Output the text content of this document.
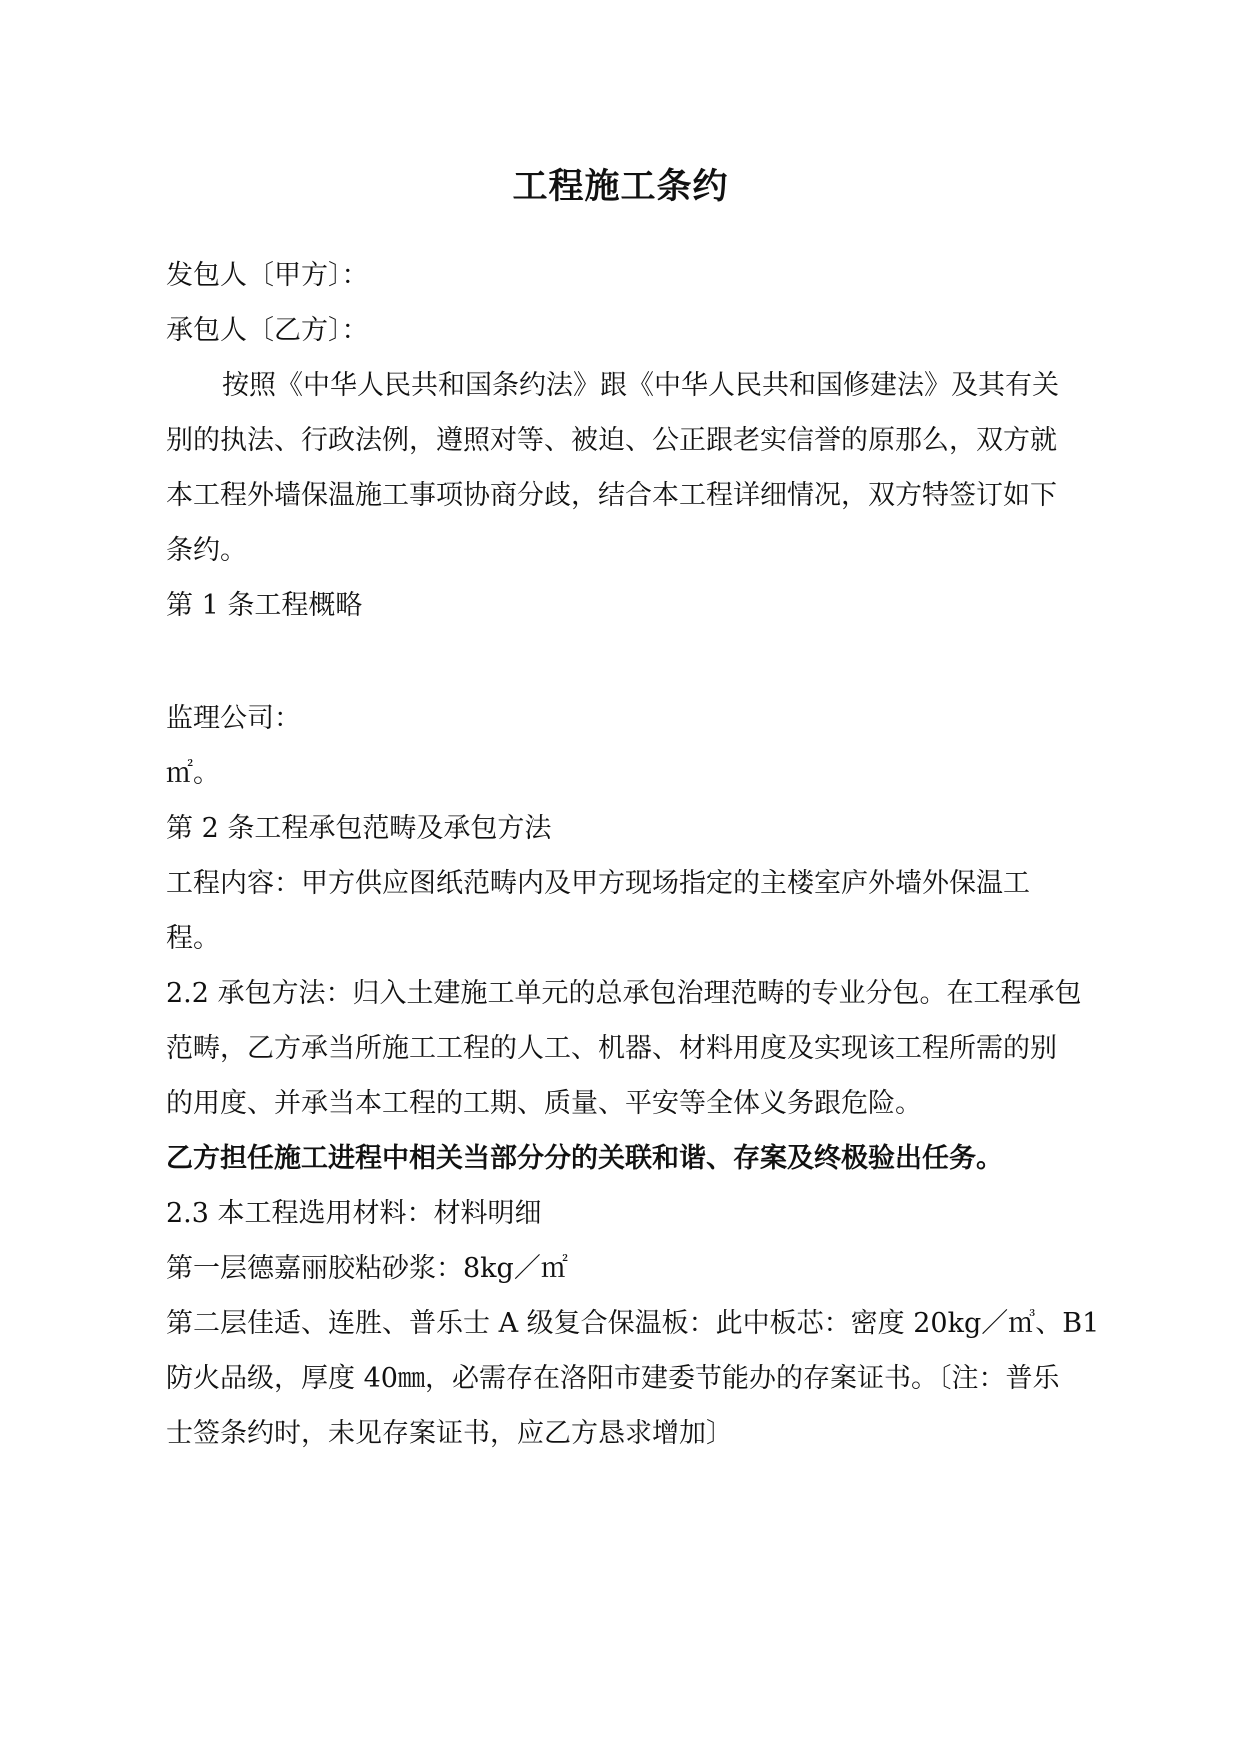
工程施工条约
发包人〔甲方〕：
承包人〔乙方〕：
按照《中华人民共和国条约法》跟《中华人民共和国修建法》及其有关
别的执法、行政法例，遵照对等、被迫、公正跟老实信誉的原那么，双方就
本工程外墙保温施工事项协商分歧，结合本工程详细情况，双方特签订如下
条约。
第 1 条工程概略
监理公司：
㎡。
第 2 条工程承包范畴及承包方法
工程内容：甲方供应图纸范畴内及甲方现场指定的主楼室庐外墙外保温工
程。
2.2 承包方法：归入土建施工单元的总承包治理范畴的专业分包。在工程承包
范畴，乙方承当所施工工程的人工、机器、材料用度及实现该工程所需的别
的用度、并承当本工程的工期、质量、平安等全体义务跟危险。
乙方担任施工进程中相关当部分分的关联和谐、存案及终极验出任务。
2.3 本工程选用材料：材料明细
第一层德嘉丽胶粘砂浆：8kg／㎡
第二层佳适、连胜、普乐士 A 级复合保温板：此中板芯：密度 20kg／㎥、B1
防火品级，厚度 40㎜，必需存在洛阳市建委节能办的存案证书。〔注：普乐
士签条约时，未见存案证书，应乙方恳求增加〕
